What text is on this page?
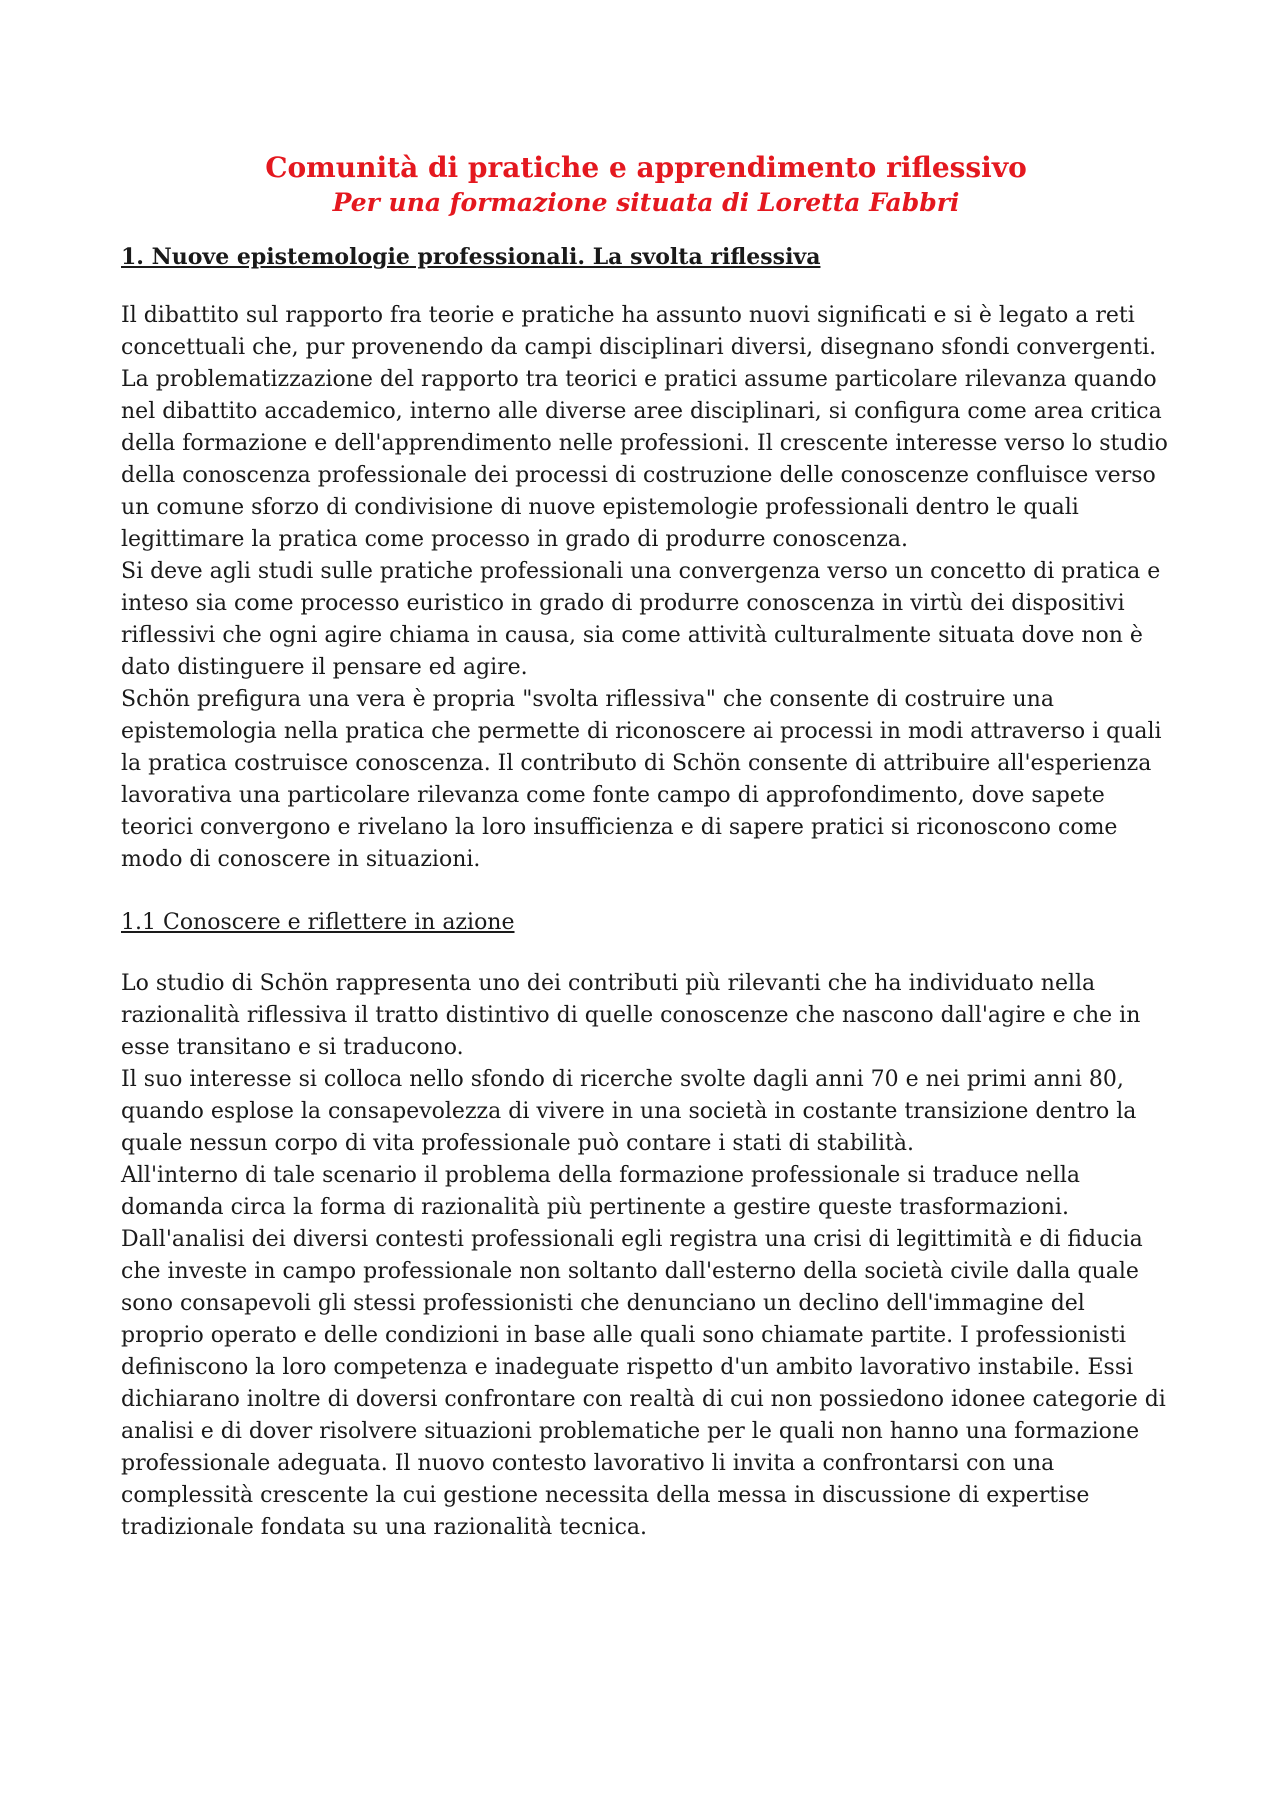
Comunità di pratiche e apprendimento riflessivo
Per una formazione situata di Loretta Fabbri
1. Nuove epistemologie professionali. La svolta riflessiva

Il dibattito sul rapporto fra teorie e pratiche ha assunto nuovi significati e si è legato a reti concettuali che, pur provenendo da campi disciplinari diversi, disegnano sfondi convergenti.

La problematizzazione del rapporto tra teorici e pratici assume particolare rilevanza quando nel dibattito accademico, interno alle diverse aree disciplinari, si configura come area critica della formazione e dell'apprendimento nelle professioni. Il crescente interesse verso lo studio della conoscenza professionale dei processi di costruzione delle conoscenze confluisce verso un comune sforzo di condivisione di nuove epistemologie professionali dentro le quali legittimare la pratica come processo in grado di produrre conoscenza.

Si deve agli studi sulle pratiche professionali una convergenza verso un concetto di pratica e inteso sia come processo euristico in grado di produrre conoscenza in virtù dei dispositivi riflessivi che ogni agire chiama in causa, sia come attività culturalmente situata dove non è dato distinguere il pensare ed agire.

Schön prefigura una vera è propria "svolta riflessiva" che consente di costruire una epistemologia nella pratica che permette di riconoscere ai processi in modi attraverso i quali la pratica costruisce conoscenza. Il contributo di Schön consente di attribuire all'esperienza lavorativa una particolare rilevanza come fonte campo di approfondimento, dove sapete teorici convergono e rivelano la loro insufficienza e di sapere pratici si riconoscono come modo di conoscere in situazioni.

1.1 Conoscere e riflettere in azione

Lo studio di Schön rappresenta uno dei contributi più rilevanti che ha individuato nella razionalità riflessiva il tratto distintivo di quelle conoscenze che nascono dall'agire e che in esse transitano e si traducono.

Il suo interesse si colloca nello sfondo di ricerche svolte dagli anni 70 e nei primi anni 80, quando esplose la consapevolezza di vivere in una società in costante transizione dentro la quale nessun corpo di vita professionale può contare i stati di stabilità.

All'interno di tale scenario il problema della formazione professionale si traduce nella domanda circa la forma di razionalità più pertinente a gestire queste trasformazioni.

Dall'analisi dei diversi contesti professionali egli registra una crisi di legittimità e di fiducia che investe in campo professionale non soltanto dall'esterno della società civile dalla quale sono consapevoli gli stessi professionisti che denunciano un declino dell'immagine del proprio operato e delle condizioni in base alle quali sono chiamate partite. I professionisti definiscono la loro competenza e inadeguate rispetto d'un ambito lavorativo instabile. Essi dichiarano inoltre di doversi confrontare con realtà di cui non possiedono idonee categorie di analisi e di dover risolvere situazioni problematiche per le quali non hanno una formazione professionale adeguata. Il nuovo contesto lavorativo li invita a confrontarsi con una complessità crescente la cui gestione necessita della messa in discussione di expertise tradizionale fondata su una razionalità tecnica.
